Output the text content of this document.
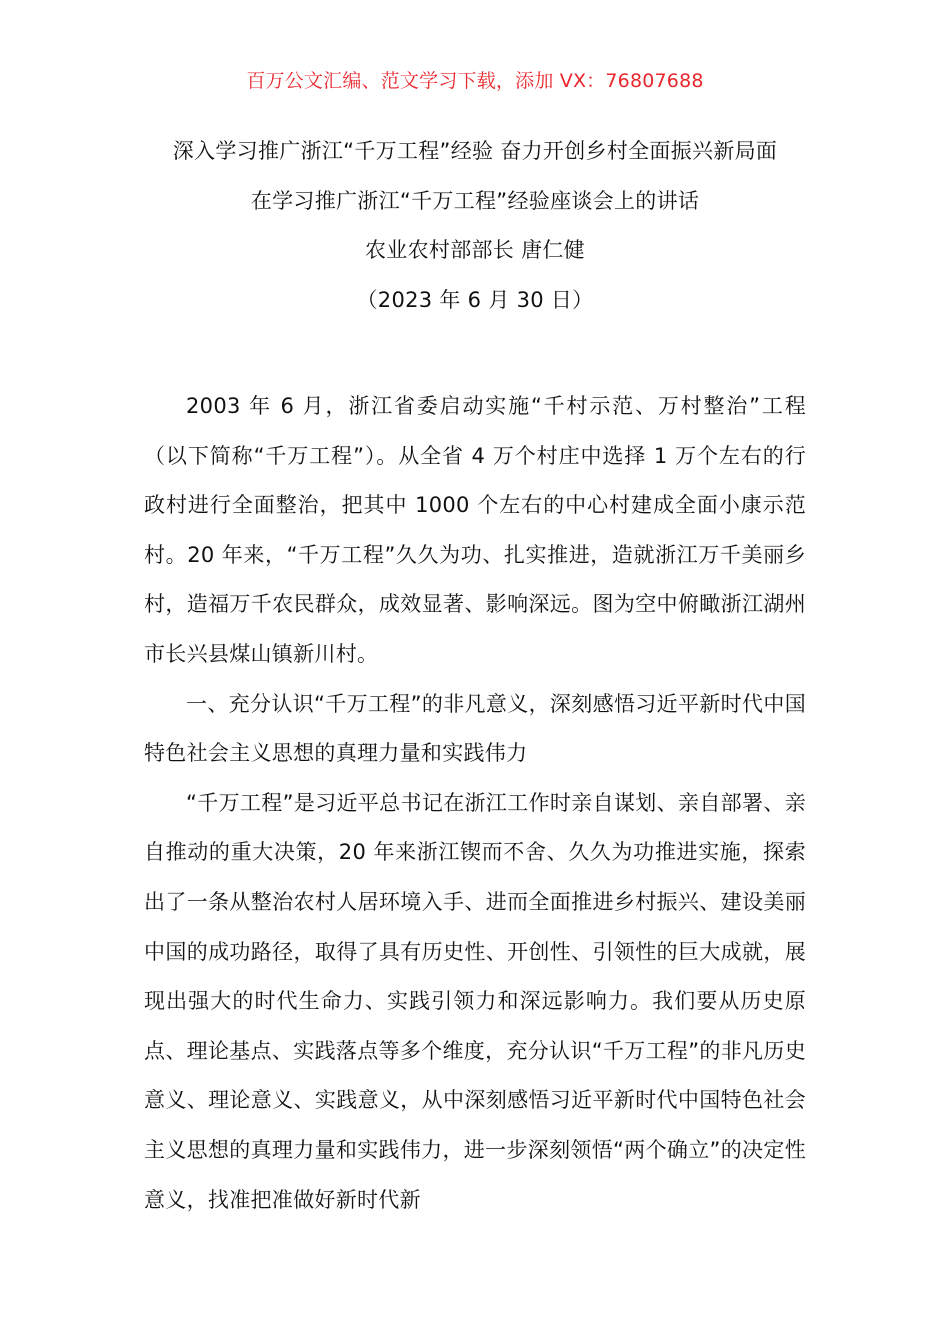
百万公文汇编、范文学习下载，添加 VX：76807688
深入学习推广浙江“千万工程”经验 奋力开创乡村全面振兴新局面
在学习推广浙江“千万工程”经验座谈会上的讲话
农业农村部部长 唐仁健
（2023 年 6 月 30 日）

2003 年 6 月，浙江省委启动实施“千村示范、万村整治”工程（以下简称“千万工程”）。从全省 4 万个村庄中选择 1 万个左右的行政村进行全面整治，把其中 1000 个左右的中心村建成全面小康示范村。20 年来，“千万工程”久久为功、扎实推进，造就浙江万千美丽乡村，造福万千农民群众，成效显著、影响深远。图为空中俯瞰浙江湖州市长兴县煤山镇新川村。

一、充分认识“千万工程”的非凡意义，深刻感悟习近平新时代中国特色社会主义思想的真理力量和实践伟力

“千万工程”是习近平总书记在浙江工作时亲自谋划、亲自部署、亲自推动的重大决策，20 年来浙江锲而不舍、久久为功推进实施，探索出了一条从整治农村人居环境入手、进而全面推进乡村振兴、建设美丽中国的成功路径，取得了具有历史性、开创性、引领性的巨大成就，展现出强大的时代生命力、实践引领力和深远影响力。我们要从历史原点、理论基点、实践落点等多个维度，充分认识“千万工程”的非凡历史意义、理论意义、实践意义，从中深刻感悟习近平新时代中国特色社会主义思想的真理力量和实践伟力，进一步深刻领悟“两个确立”的决定性意义，找准把准做好新时代新
